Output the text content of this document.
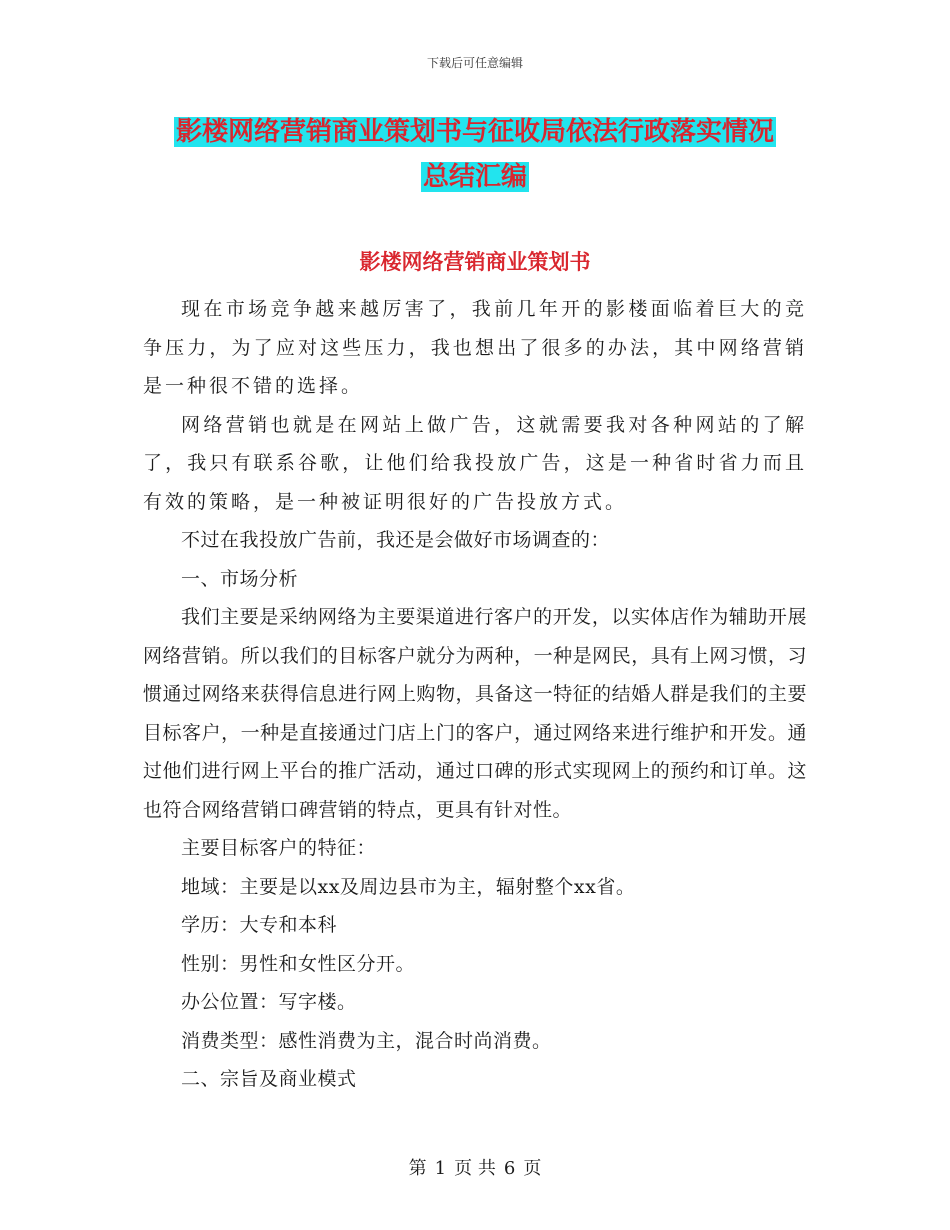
下载后可任意编辑
影楼网络营销商业策划书与征收局依法行政落实情况
总结汇编
影楼网络营销商业策划书

现在市场竞争越来越厉害了，我前几年开的影楼面临着巨大的竞争压力，为了应对这些压力，我也想出了很多的办法，其中网络营销是一种很不错的选择。

网络营销也就是在网站上做广告，这就需要我对各种网站的了解了，我只有联系谷歌，让他们给我投放广告，这是一种省时省力而且有效的策略，是一种被证明很好的广告投放方式。

不过在我投放广告前，我还是会做好市场调查的：

一、市场分析

我们主要是采纳网络为主要渠道进行客户的开发，以实体店作为辅助开展网络营销。所以我们的目标客户就分为两种，一种是网民，具有上网习惯，习惯通过网络来获得信息进行网上购物，具备这一特征的结婚人群是我们的主要目标客户，一种是直接通过门店上门的客户，通过网络来进行维护和开发。通过他们进行网上平台的推广活动，通过口碑的形式实现网上的预约和订单。这也符合网络营销口碑营销的特点，更具有针对性。

主要目标客户的特征：

地域：主要是以xx及周边县市为主，辐射整个xx省。

学历：大专和本科

性别：男性和女性区分开。

办公位置：写字楼。

消费类型：感性消费为主，混合时尚消费。

二、宗旨及商业模式

第 1 页 共 6 页
